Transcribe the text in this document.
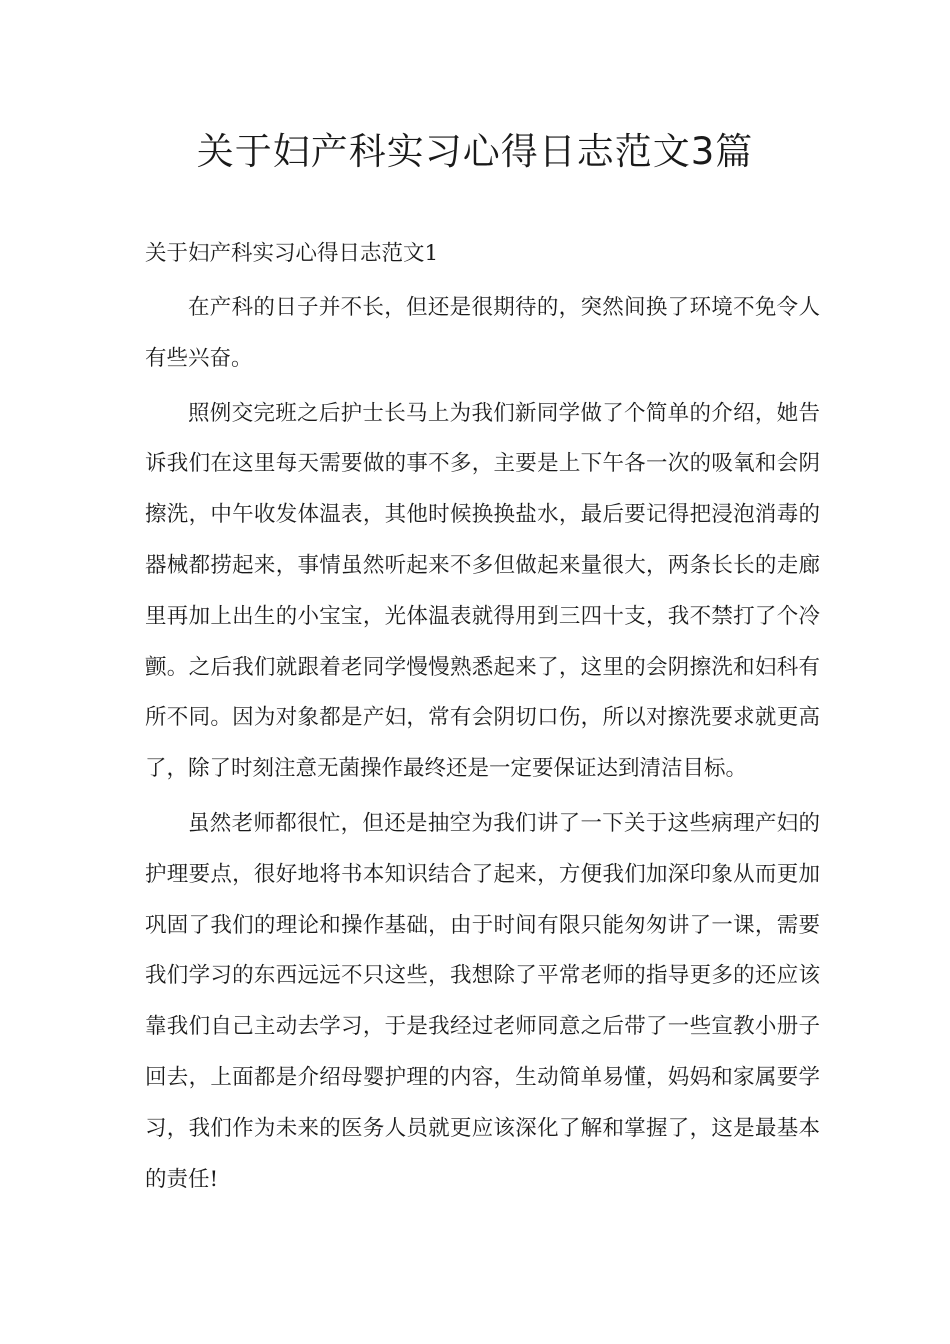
关于妇产科实习心得日志范文3篇
关于妇产科实习心得日志范文1

在产科的日子并不长，但还是很期待的，突然间换了环境不免令人有些兴奋。

照例交完班之后护士长马上为我们新同学做了个简单的介绍，她告诉我们在这里每天需要做的事不多，主要是上下午各一次的吸氧和会阴擦洗，中午收发体温表，其他时候换换盐水，最后要记得把浸泡消毒的器械都捞起来，事情虽然听起来不多但做起来量很大，两条长长的走廊里再加上出生的小宝宝，光体温表就得用到三四十支，我不禁打了个冷颤。之后我们就跟着老同学慢慢熟悉起来了，这里的会阴擦洗和妇科有所不同。因为对象都是产妇，常有会阴切口伤，所以对擦洗要求就更高了，除了时刻注意无菌操作最终还是一定要保证达到清洁目标。

虽然老师都很忙，但还是抽空为我们讲了一下关于这些病理产妇的护理要点，很好地将书本知识结合了起来，方便我们加深印象从而更加巩固了我们的理论和操作基础，由于时间有限只能匆匆讲了一课，需要我们学习的东西远远不只这些，我想除了平常老师的指导更多的还应该靠我们自己主动去学习，于是我经过老师同意之后带了一些宣教小册子回去，上面都是介绍母婴护理的内容，生动简单易懂，妈妈和家属要学习，我们作为未来的医务人员就更应该深化了解和掌握了，这是最基本的责任!
